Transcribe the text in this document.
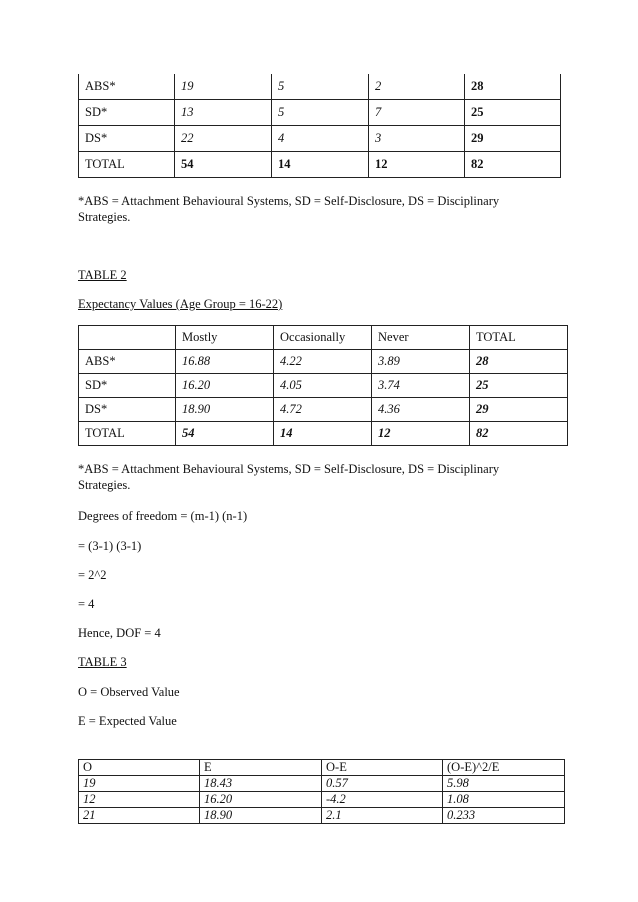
ABS*	19	5	2	28
SD*	13	5	7	25
DS*	22	4	3	29
TOTAL	54	14	12	82
*ABS = Attachment Behavioural Systems, SD = Self-Disclosure, DS = Disciplinary Strategies.
TABLE 2
Expectancy Values (Age Group = 16-22)
	Mostly	Occasionally	Never	TOTAL
ABS*	16.88	4.22	3.89	28
SD*	16.20	4.05	3.74	25
DS*	18.90	4.72	4.36	29
TOTAL	54	14	12	82
*ABS = Attachment Behavioural Systems, SD = Self-Disclosure, DS = Disciplinary Strategies.
Degrees of freedom = (m-1) (n-1)
= (3-1) (3-1)
= 2^2
= 4
Hence, DOF = 4
TABLE 3
O = Observed Value
E = Expected Value
O	E	O-E	(O-E)^2/E
19	18.43	0.57	5.98
12	16.20	-4.2	1.08
21	18.90	2.1	0.233
